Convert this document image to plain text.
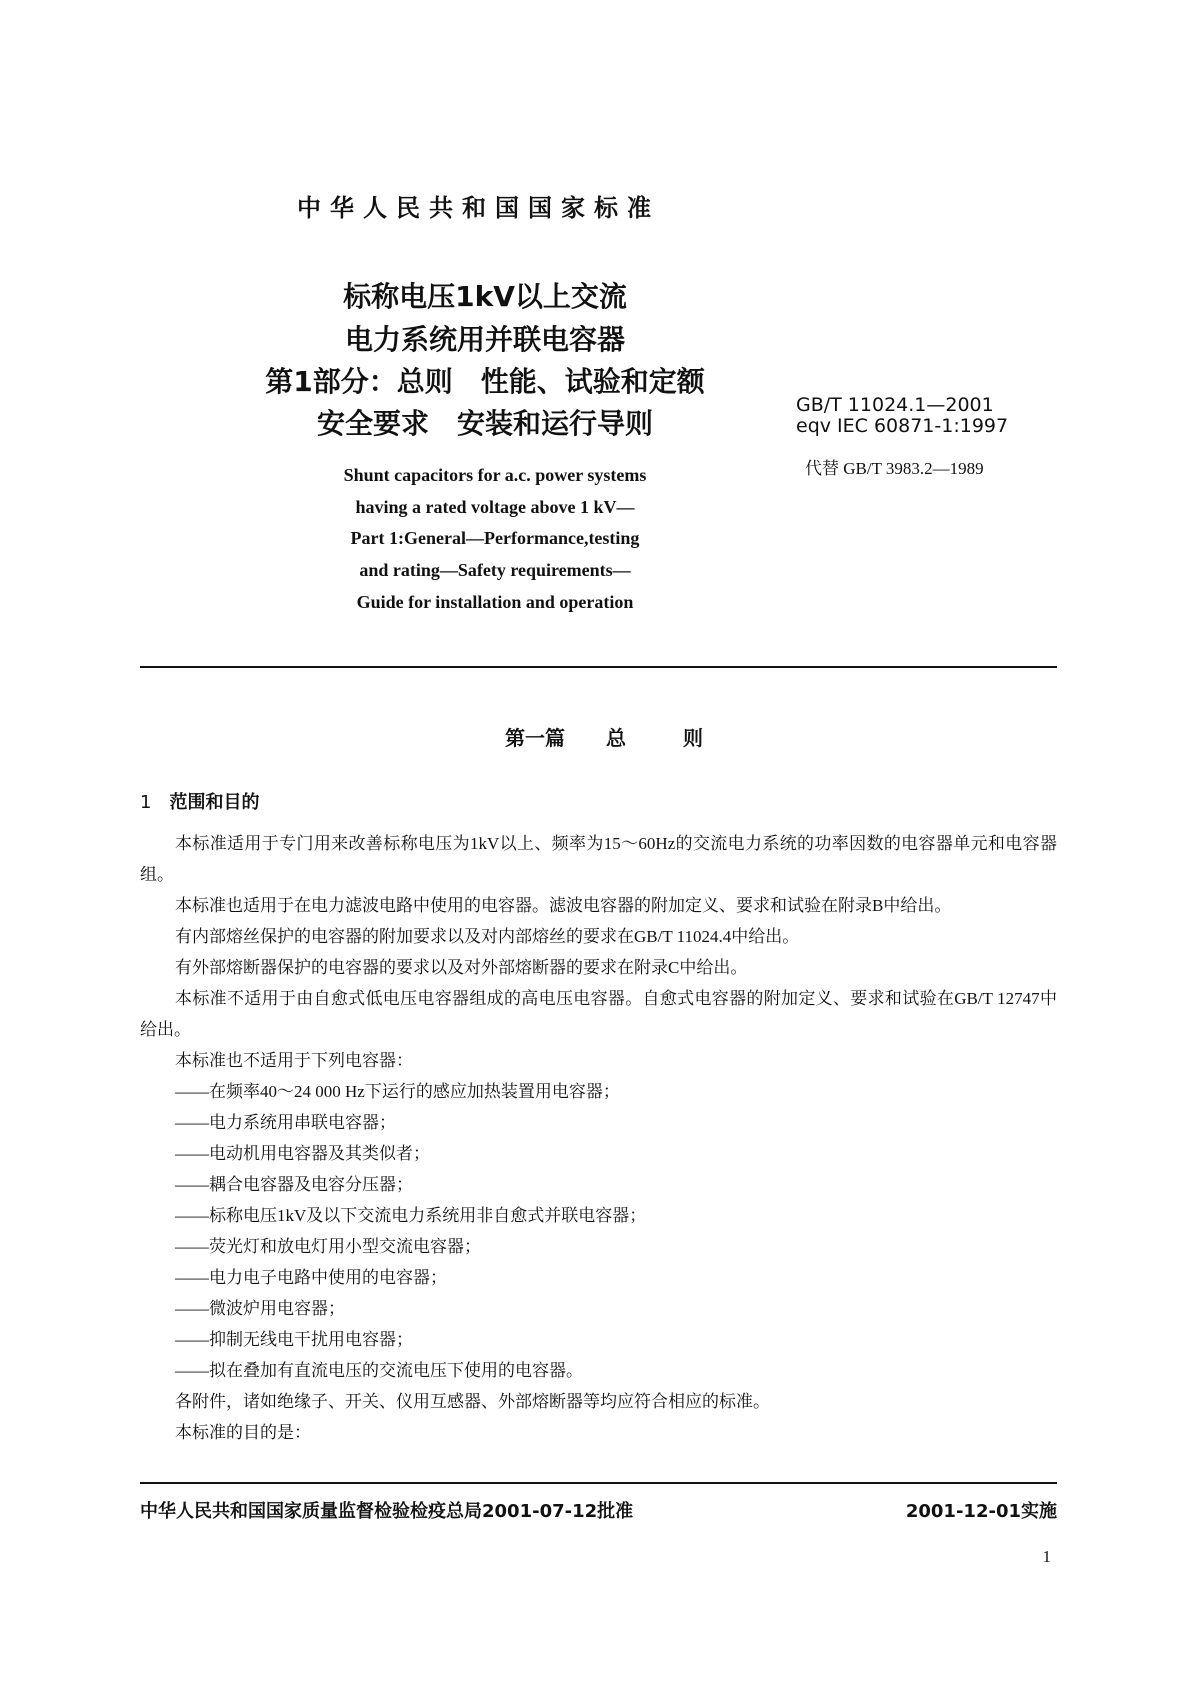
中华人民共和国国家标准
标称电压1kV以上交流
电力系统用并联电容器
第1部分：总则　性能、试验和定额
安全要求　安装和运行导则
GB/T 11024.1—2001
eqv IEC 60871-1:1997
代替 GB/T 3983.2—1989
Shunt capacitors for a.c. power systems
having a rated voltage above 1 kV—
Part 1:General—Performance,testing
and rating—Safety requirements—
Guide for installation and operation
第一篇 总	则
1 范围和目的

本标准适用于专门用来改善标称电压为1kV以上、频率为15～60Hz的交流电力系统的功率因数的电容器单元和电容器组。

本标准也适用于在电力滤波电路中使用的电容器。滤波电容器的附加定义、要求和试验在附录B中给出。

有内部熔丝保护的电容器的附加要求以及对内部熔丝的要求在GB/T 11024.4中给出。

有外部熔断器保护的电容器的要求以及对外部熔断器的要求在附录C中给出。

本标准不适用于由自愈式低电压电容器组成的高电压电容器。自愈式电容器的附加定义、要求和试验在GB/T 12747中给出。

本标准也不适用于下列电容器：

——在频率40～24 000 Hz下运行的感应加热装置用电容器；

——电力系统用串联电容器；

——电动机用电容器及其类似者；

——耦合电容器及电容分压器；

——标称电压1kV及以下交流电力系统用非自愈式并联电容器；

——荧光灯和放电灯用小型交流电容器；

——电力电子电路中使用的电容器；

——微波炉用电容器；

——抑制无线电干扰用电容器；

——拟在叠加有直流电压的交流电压下使用的电容器。

各附件，诸如绝缘子、开关、仪用互感器、外部熔断器等均应符合相应的标准。

本标准的目的是：

中华人民共和国国家质量监督检验检疫总局2001-07-12批准	2001-12-01实施
1
